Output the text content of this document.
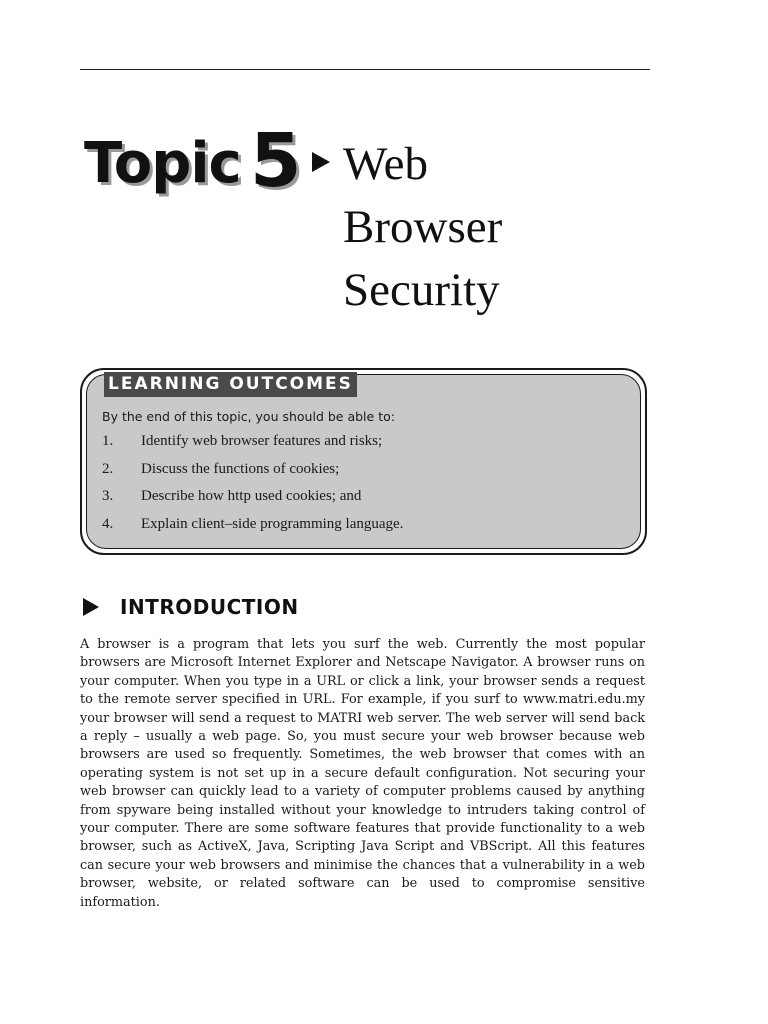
Topic 5 Web
Browser
Security
LEARNING OUTCOMES
By the end of this topic, you should be able to:
1. Identify web browser features and risks;
2. Discuss the functions of cookies;
3. Describe how http used cookies; and
4. Explain client–side programming language.
INTRODUCTION

A browser is a program that lets you surf the web. Currently the most popular browsers are Microsoft Internet Explorer and Netscape Navigator. A browser runs on your computer. When you type in a URL or click a link, your browser sends a request to the remote server specified in URL. For example, if you surf to www.matri.edu.my your browser will send a request to MATRI web server. The web server will send back a reply – usually a web page. So, you must secure your web browser because web browsers are used so frequently. Sometimes, the web browser that comes with an operating system is not set up in a secure default configuration. Not securing your web browser can quickly lead to a variety of computer problems caused by anything from spyware being installed without your knowledge to intruders taking control of your computer. There are some software features that provide functionality to a web browser, such as ActiveX, Java, Scripting Java Script and VBScript. All this features can secure your web browsers and minimise the chances that a vulnerability in a web browser, website, or related software can be used to compromise sensitive information.
